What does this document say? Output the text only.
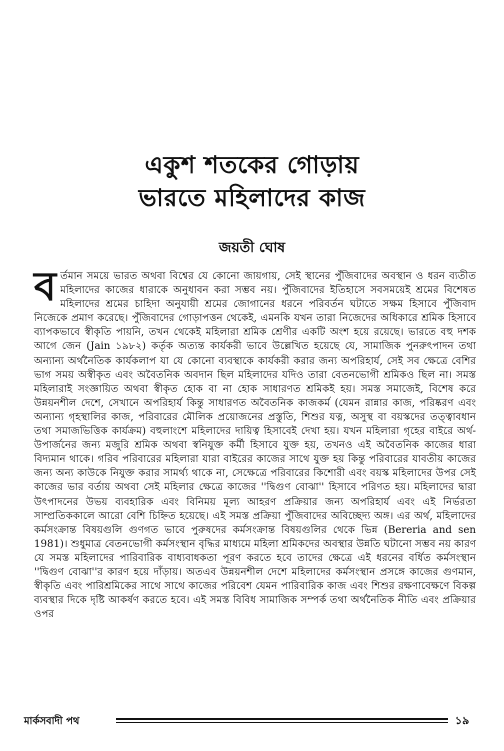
একুশ শতকের গোড়ায়
ভারতে মহিলাদের কাজ
জয়তী ঘোষ
বর্তমান সময়ে ভারত অথবা বিশ্বের যে কোনো জায়গায়, সেই স্থানের পুঁজিবাদের অবস্থান ও ধরন ব্যতীত মহিলাদের কাজের ধারাকে অনুধাবন করা সম্ভব নয়। পুঁজিবাদের ইতিহাসে সবসময়েই শ্রমের বিশেষত মহিলাদের শ্রমের চাহিদা অনুযায়ী শ্রমের জোগানের ধরনে পরিবর্তন ঘটাতে সক্ষম হিসাবে পুঁজিবাদ নিজেকে প্রমাণ করেছে। পুঁজিবাদের গোড়াপত্তন থেকেই, এমনকি যখন তারা নিজেদের অধিকারে শ্রমিক হিসাবে ব্যাপকভাবে স্বীকৃতি পায়নি, তখন থেকেই মহিলারা শ্রমিক শ্রেণীর একটি অংশ হয়ে রয়েছে। ভারতে বহু দশক আগে জেন (Jain ১৯৮২) কর্তৃক অত্যন্ত কার্যকরী ভাবে উল্লেখিত হয়েছে যে, সামাজিক পুনরুৎপাদন তথা অন্যান্য অর্থনৈতিক কার্যকলাপ যা যে কোনো ব্যবস্থাকে কার্যকরী করার জন্য অপরিহার্য, সেই সব ক্ষেত্রে বেশির ভাগ সময় অস্বীকৃত এবং অবৈতনিক অবদান ছিল মহিলাদের যদিও তারা বেতনভোগী শ্রমিকও ছিল না। সমস্ত মহিলারাই সংজ্ঞায়িত অথবা স্বীকৃত হোক বা না হোক সাধারণত শ্রমিকই হয়। সমস্ত সমাজেই, বিশেষ করে উন্নয়নশীল দেশে, সেখানে অপরিহার্য কিন্তু সাধারণত অবৈতনিক কাজকর্ম (যেমন রান্নার কাজ, পরিষ্করণ এবং অন্যান্য গৃহস্থালির কাজ, পরিবারের মৌলিক প্রয়োজনের প্রস্তুতি, শিশুর যত্ন, অসুস্থ বা বয়স্কদের তত্ত্বাবধান তথা সমাজভিত্তিক কার্যক্রম) বহুলাংশে মহিলাদের দায়িত্ব হিসাবেই দেখা হয়। যখন মহিলারা গৃহের বাইরে অর্থ-উপার্জনের জন্য মজুরি শ্রমিক অথবা স্বনিযুক্ত কর্মী হিসাবে যুক্ত হয়, তখনও এই অবৈতনিক কাজের ধারা বিদ্যমান থাকে। গরিব পরিবারের মহিলারা যারা বাইরের কাজের সাথে যুক্ত হয় কিন্তু পরিবারের যাবতীয় কাজের জন্য অন্য কাউকে নিযুক্ত করার সামর্থ্য থাকে না, সেক্ষেত্রে পরিবারের কিশোরী এবং বয়স্ক মহিলাদের উপর সেই কাজের ভার বর্তায় অথবা সেই মহিলার ক্ষেত্রে কাজের ''দ্বিগুণ বোঝা'' হিসাবে পরিণত হয়। মহিলাদের দ্বারা উৎপাদনের উভয় ব্যবহারিক এবং বিনিময় মূল্য আহরণ প্রক্রিয়ার জন্য অপরিহার্য এবং এই নির্ভরতা সাম্প্রতিককালে আরো বেশি চিহ্নিত হয়েছে। এই সমস্ত প্রক্রিয়া পুঁজিবাদের অবিচ্ছেদ্য অঙ্গ। এর অর্থ, মহিলাদের কর্মসংক্রান্ত বিষয়গুলি গুণগত ভাবে পুরুষদের কর্মসংক্রান্ত বিষয়গুলির থেকে ভিন্ন (Bereria and sen 1981)। শুধুমাত্র বেতনভোগী কর্মসংস্থান বৃদ্ধির মাধ্যমে মহিলা শ্রমিকদের অবস্থার উন্নতি ঘটানো সম্ভব নয় কারণ যে সমস্ত মহিলাদের পারিবারিক বাধ্যবাধকতা পূরণ করতে হবে তাদের ক্ষেত্রে এই ধরনের বর্ধিত কর্মসংস্থান ''দ্বিগুণ বোঝা''র কারণ হয়ে দাঁড়ায়। অতএব উন্নয়নশীল দেশে মহিলাদের কর্মসংস্থান প্রসঙ্গে কাজের গুণমান, স্বীকৃতি এবং পারিশ্রমিকের সাথে সাথে কাজের পরিবেশ যেমন পারিবারিক কাজ এবং শিশুর রক্ষণাবেক্ষণে বিকল্প ব্যবস্থার দিকে দৃষ্টি আকর্ষণ করতে হবে। এই সমস্ত বিবিধ সামাজিক সম্পর্ক তথা অর্থনৈতিক নীতি এবং প্রক্রিয়ার ওপর
মার্কসবাদী পথ	১৯
